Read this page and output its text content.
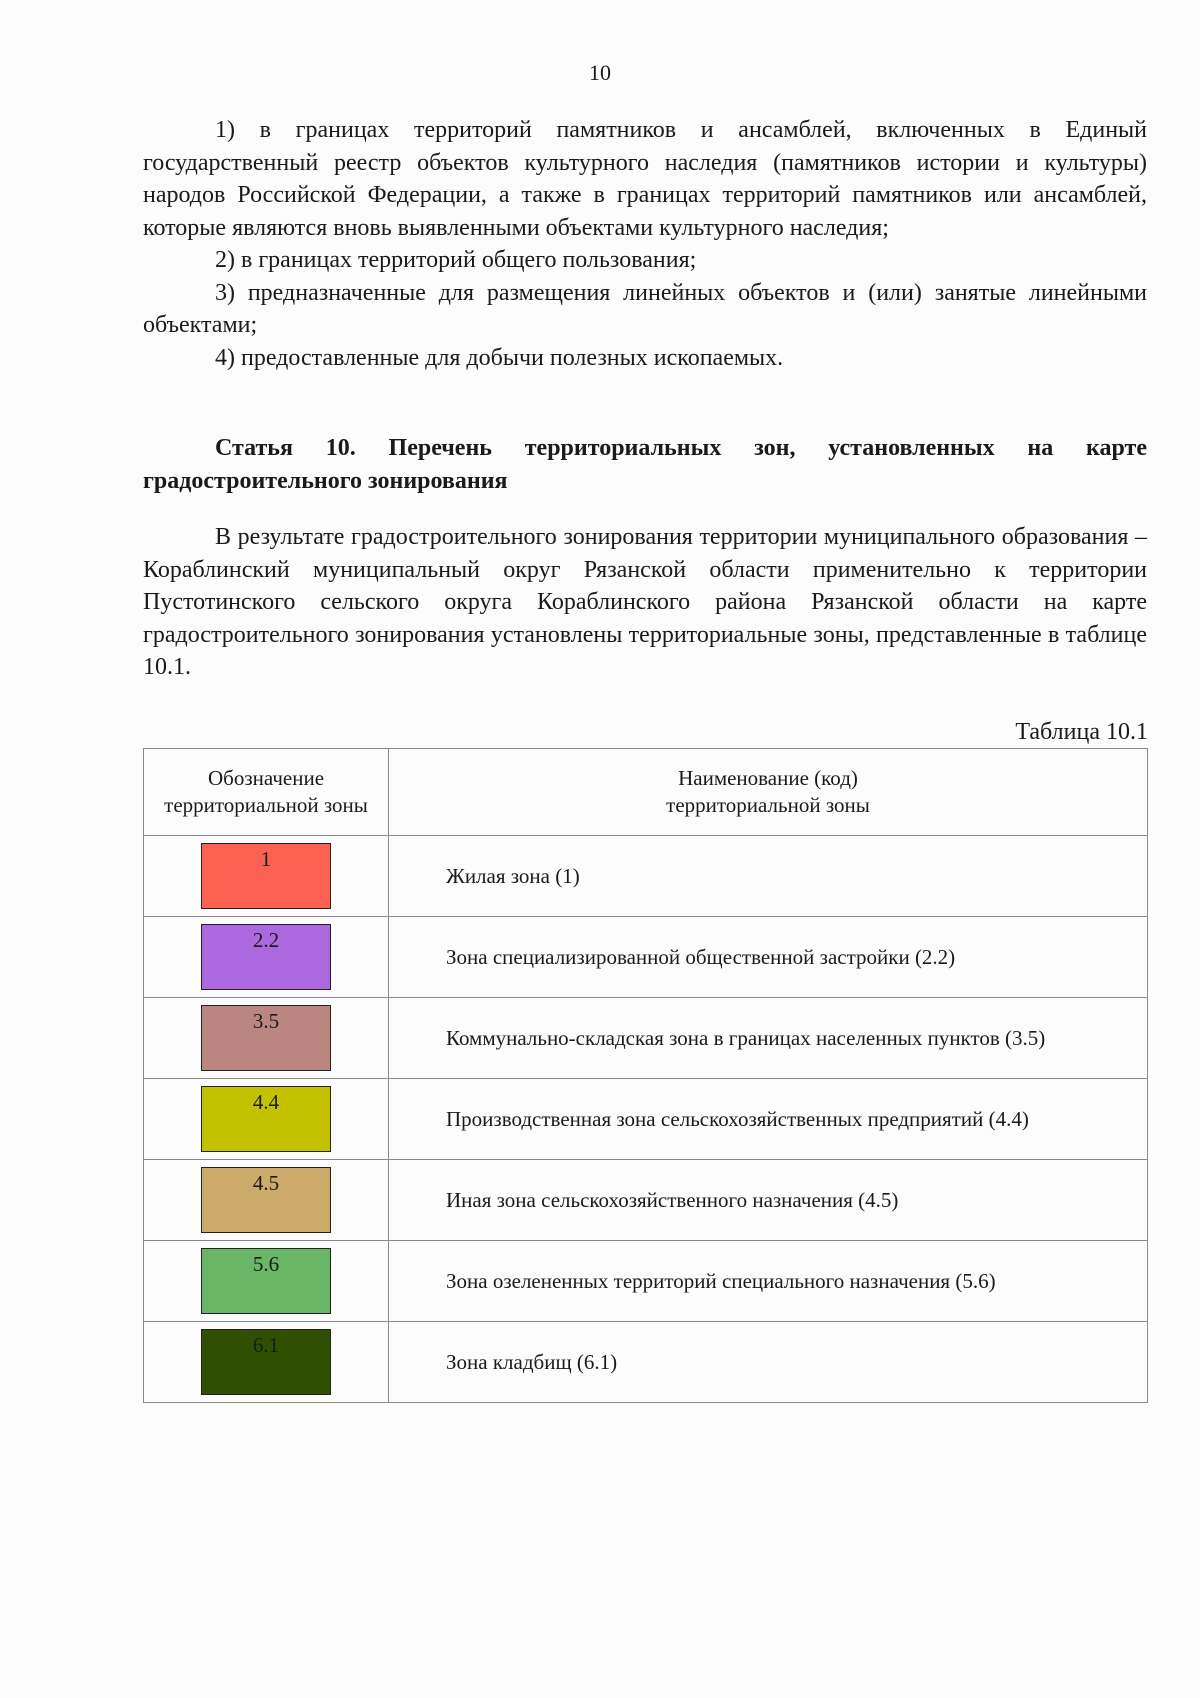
10

1) в границах территорий памятников и ансамблей, включенных в Единый государственный реестр объектов культурного наследия (памятников истории и культуры) народов Российской Федерации, а также в границах территорий памятников или ансамблей, которые являются вновь выявленными объектами культурного наследия;

2) в границах территорий общего пользования;

3) предназначенные для размещения линейных объектов и (или) занятые линейными объектами;

4) предоставленные для добычи полезных ископаемых.

Статья 10. Перечень территориальных зон, установленных на карте градостроительного зонирования

В результате градостроительного зонирования территории муниципального образования – Кораблинский муниципальный округ Рязанской области применительно к территории Пустотинского сельского округа Кораблинского района Рязанской области на карте градостроительного зонирования установлены территориальные зоны, представленные в таблице 10.1.

Таблица 10.1
Обозначение территориальной зоны	Наименование (код) территориальной зоны
1	Жилая зона (1)
2.2	Зона специализированной общественной застройки (2.2)
3.5	Коммунально-складская зона в границах населенных пунктов (3.5)
4.4	Производственная зона сельскохозяйственных предприятий (4.4)
4.5	Иная зона сельскохозяйственного назначения (4.5)
5.6	Зона озелененных территорий специального назначения (5.6)
6.1	Зона кладбищ (6.1)
